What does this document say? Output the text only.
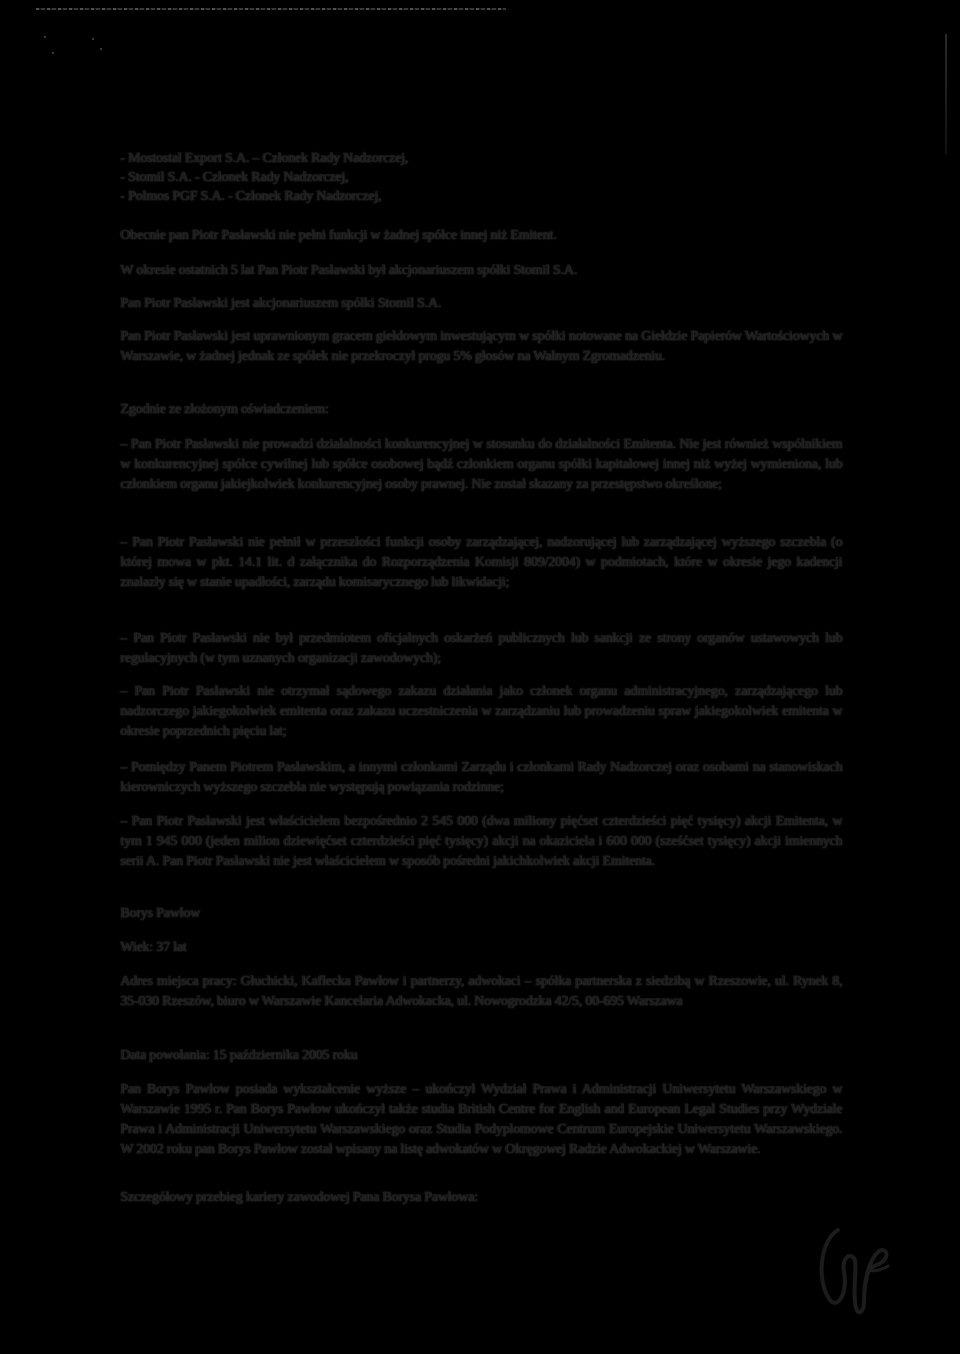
- Mostostal Export S.A. – Członek Rady Nadzorczej,

- Stomil S.A. - Członek Rady Nadzorczej,

- Polmos PGF S.A. - Członek Rady Nadzorczej,

Obecnie pan Piotr Pasławski nie pełni funkcji w żadnej spółce innej niż Emitent.

W okresie ostatnich 5 lat Pan Piotr Pasławski był akcjonariuszem spółki Stomil S.A.

Pan Piotr Pasławski jest akcjonariuszem spółki Stomil S.A.

Pan Piotr Pasławski jest uprawnionym gracem giełdowym inwestującym w spółki notowane na Giełdzie Papierów Wartościowych w Warszawie, w żadnej jednak ze spółek nie przekroczył progu 5% głosów na Walnym Zgromadzeniu.

Zgodnie ze złożonym oświadczeniem:

– Pan Piotr Pasławski nie prowadzi działalności konkurencyjnej w stosunku do działalności Emitenta. Nie jest również wspólnikiem w konkurencyjnej spółce cywilnej lub spółce osobowej bądź członkiem organu spółki kapitałowej innej niż wyżej wymieniona, lub członkiem organu jakiejkolwiek konkurencyjnej osoby prawnej. Nie został skazany za przestępstwo określone;

– Pan Piotr Pasławski nie pełnił w przeszłości funkcji osoby zarządzającej, nadzorującej lub zarządzającej wyższego szczebla (o której mowa w pkt. 14.1 lit. d załącznika do Rozporządzenia Komisji 809/2004) w podmiotach, które w okresie jego kadencji znalazły się w stanie upadłości, zarządu komisarycznego lub likwidacji;

– Pan Piotr Pasławski nie był przedmiotem oficjalnych oskarżeń publicznych lub sankcji ze strony organów ustawowych lub regulacyjnych (w tym uznanych organizacji zawodowych);

– Pan Piotr Pasławski nie otrzymał sądowego zakazu działania jako członek organu administracyjnego, zarządzającego lub nadzorczego jakiegokolwiek emitenta oraz zakazu uczestniczenia w zarządzaniu lub prowadzeniu spraw jakiegokolwiek emitenta w okresie poprzednich pięciu lat;

– Pomiędzy Panem Piotrem Pasławskim, a innymi członkami Zarządu i członkami Rady Nadzorczej oraz osobami na stanowiskach kierowniczych wyższego szczebla nie występują powiązania rodzinne;

– Pan Piotr Pasławski jest właścicielem bezpośrednio 2 545 000 (dwa miliony pięćset czterdzieści pięć tysięcy) akcji Emitenta, w tym 1 945 000 (jeden milion dziewięćset czterdzieści pięć tysięcy) akcji na okaziciela i 600 000 (sześćset tysięcy) akcji imiennych serii A. Pan Piotr Pasławski nie jest właścicielem w sposób pośredni jakichkolwiek akcji Emitenta.

Borys Pawłow

Wiek: 37 lat

Adres miejsca pracy: Głuchicki, Kaflecka Pawłow i partnerzy, adwokaci – spółka partnerska z siedzibą w Rzeszowie, ul. Rynek 8, 35-030 Rzeszów, biuro w Warszawie Kancelaria Adwokacka, ul. Nowogrodzka 42/5, 00-695 Warszawa

Data powołania: 15 października 2005 roku

Pan Borys Pawłow posiada wykształcenie wyższe – ukończył Wydział Prawa i Administracji Uniwersytetu Warszawskiego w Warszawie 1995 r. Pan Borys Pawłow ukończył także studia British Centre for English and European Legal Studies przy Wydziale Prawa i Administracji Uniwersytetu Warszawskiego oraz Studia Podyplomowe Centrum Europejskie Uniwersytetu Warszawskiego. W 2002 roku pan Borys Pawłow został wpisany na listę adwokatów w Okręgowej Radzie Adwokackiej w Warszawie.

Szczegółowy przebieg kariery zawodowej Pana Borysa Pawłowa:
